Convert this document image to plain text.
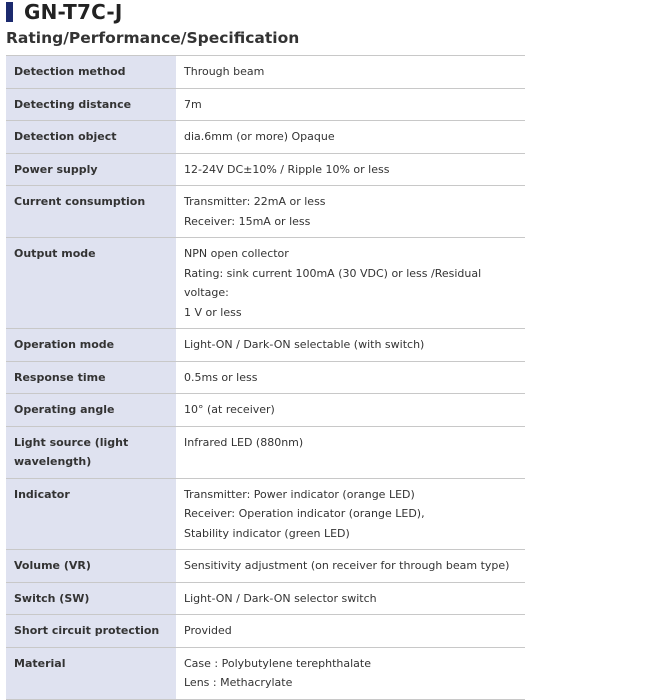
GN-T7C-J
Rating/Performance/Specification
Detection method	Through beam

Detecting distance	7m

Detection object	dia.6mm (or more) Opaque

Power supply	12-24V DC±10% / Ripple 10% or less

Current consumption	Transmitter: 22mA or less
Receiver: 15mA or less

Output mode	NPN open collector
Rating: sink current 100mA (30 VDC) or less /Residual voltage:
1 V or less

Operation mode	Light-ON / Dark-ON selectable (with switch)

Response time	0.5ms or less

Operating angle	10° (at receiver)

Light source (light wavelength)	Infrared LED (880nm)

Indicator	Transmitter: Power indicator (orange LED)
Receiver: Operation indicator (orange LED),
Stability indicator (green LED)

Volume (VR)	Sensitivity adjustment (on receiver for through beam type)

Switch (SW)	Light-ON / Dark-ON selector switch

Short circuit protection	Provided

Material	Case : Polybutylene terephthalate
Lens : Methacrylate
